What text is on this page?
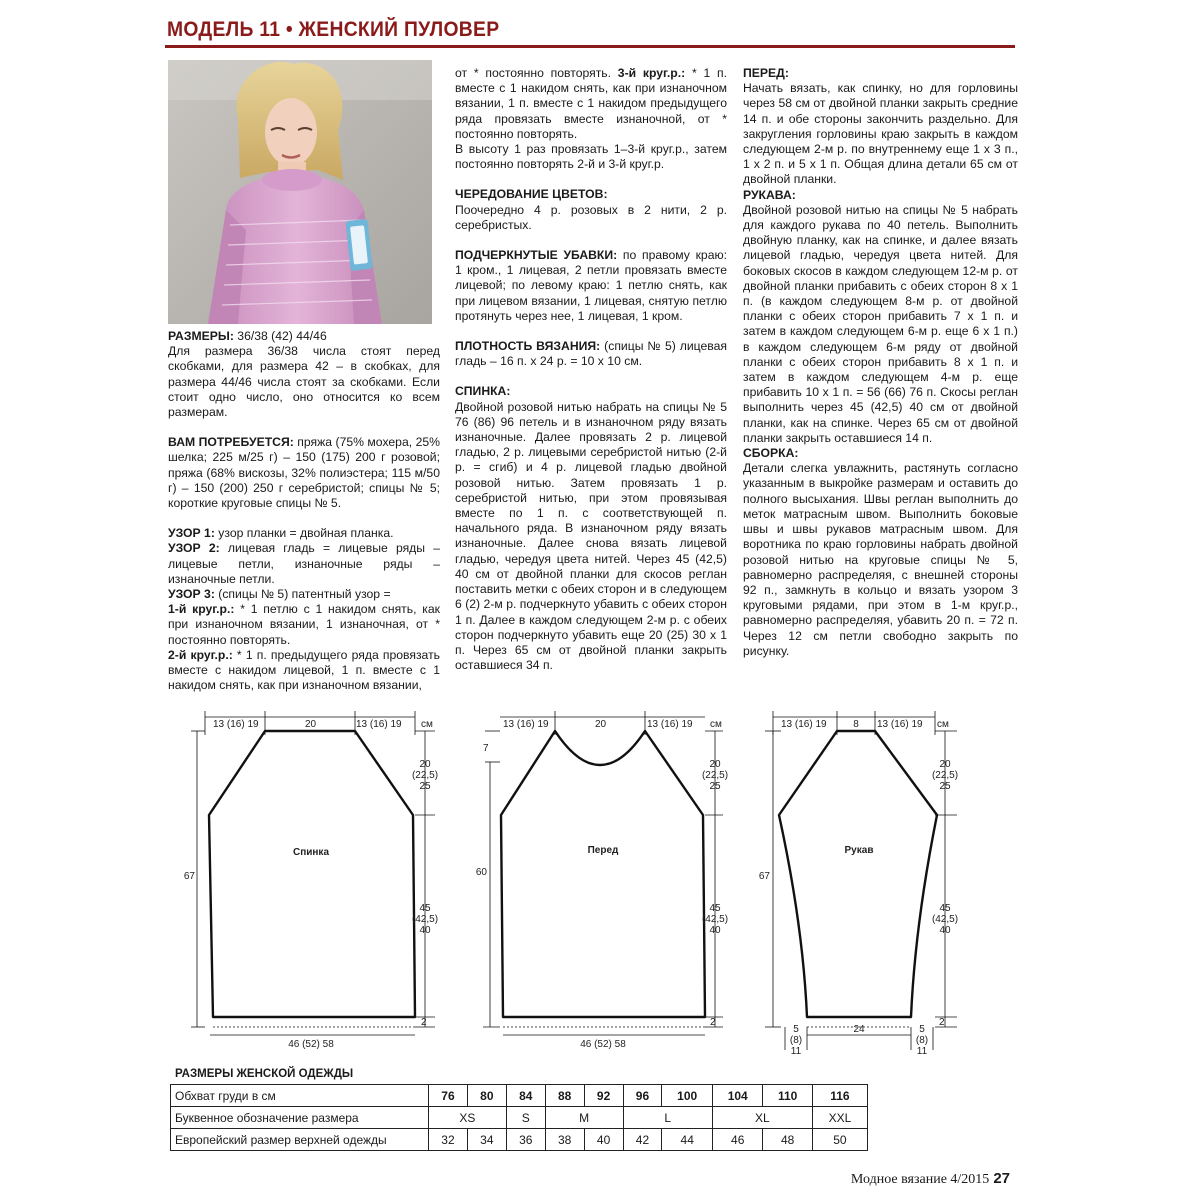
МОДЕЛЬ 11 • ЖЕНСКИЙ ПУЛОВЕР

РАЗМЕРЫ: 36/38 (42) 44/46

Для размера 36/38 числа стоят перед скобками, для размера 42 – в скобках, для размера 44/46 числа стоят за скобками. Если стоит одно число, оно относится ко всем размерам.

ВАМ ПОТРЕБУЕТСЯ: пряжа (75% мохера, 25% шелка; 225 м/25 г) – 150 (175) 200 г розовой; пряжа (68% вискозы, 32% полиэстера; 115 м/50 г) – 150 (200) 250 г серебристой; спицы № 5; короткие круговые спицы № 5.

УЗОР 1: узор планки = двойная планка.

УЗОР 2: лицевая гладь = лицевые ряды – лицевые петли, изнаночные ряды – изнаночные петли.

УЗОР 3: (спицы № 5) патентный узор =

1-й круг.р.: * 1 петлю с 1 накидом снять, как при изнаночном вязании, 1 изнаночная, от * постоянно повторять.

2-й круг.р.: * 1 п. предыдущего ряда провязать вместе с накидом лицевой, 1 п. вместе с 1 накидом снять, как при изнаночном вязании,

от * постоянно повторять. 3-й круг.р.: * 1 п. вместе с 1 накидом снять, как при изнаночном вязании, 1 п. вместе с 1 накидом предыдущего ряда провязать вместе изнаночной, от * постоянно повторять.

В высоту 1 раз провязать 1–3-й круг.р., затем постоянно повторять 2-й и 3-й круг.р.

ЧЕРЕДОВАНИЕ ЦВЕТОВ:

Поочередно 4 р. розовых в 2 нити, 2 р. серебристых.

ПОДЧЕРКНУТЫЕ УБАВКИ: по правому краю: 1 кром., 1 лицевая, 2 петли провязать вместе лицевой; по левому краю: 1 петлю снять, как при лицевом вязании, 1 лицевая, снятую петлю протянуть через нее, 1 лицевая, 1 кром.

ПЛОТНОСТЬ ВЯЗАНИЯ: (спицы № 5) лицевая гладь – 16 п. х 24 р. = 10 х 10 см.

СПИНКА:

Двойной розовой нитью набрать на спицы № 5 76 (86) 96 петель и в изнаночном ряду вязать изнаночные. Далее провязать 2 р. лицевой гладью, 2 р. лицевыми серебристой нитью (2-й р. = сгиб) и 4 р. лицевой гладью двойной розовой нитью. Затем провязать 1 р. серебристой нитью, при этом провязывая вместе по 1 п. с соответствующей п. начального ряда. В изнаночном ряду вязать изнаночные. Далее снова вязать лицевой гладью, чередуя цвета нитей. Через 45 (42,5) 40 см от двойной планки для скосов реглан поставить метки с обеих сторон и в следующем 6 (2) 2-м р. подчеркнуто убавить с обеих сторон 1 п. Далее в каждом следующем 2-м р. с обеих сторон подчеркнуто убавить еще 20 (25) 30 х 1 п. Через 65 см от двойной планки закрыть оставшиеся 34 п.

ПЕРЕД:

Начать вязать, как спинку, но для горловины через 58 см от двойной планки закрыть средние 14 п. и обе стороны закончить раздельно. Для закругления горловины краю закрыть в каждом следующем 2-м р. по внутреннему еще 1 х 3 п., 1 х 2 п. и 5 х 1 п. Общая длина детали 65 см от двойной планки.

РУКАВА:

Двойной розовой нитью на спицы № 5 набрать для каждого рукава по 40 петель. Выполнить двойную планку, как на спинке, и далее вязать лицевой гладью, чередуя цвета нитей. Для боковых скосов в каждом следующем 12-м р. от двойной планки прибавить с обеих сторон 8 х 1 п. (в каждом следующем 8-м р. от двойной планки с обеих сторон прибавить 7 х 1 п. и затем в каждом следующем 6-м р. еще 6 х 1 п.) в каждом следующем 6-м ряду от двойной планки с обеих сторон прибавить 8 х 1 п. и затем в каждом следующем 4-м р. еще прибавить 10 х 1 п. = 56 (66) 76 п. Скосы реглан выполнить через 45 (42,5) 40 см от двойной планки, как на спинке. Через 65 см от двойной планки закрыть оставшиеся 14 п.

СБОРКА:

Детали слегка увлажнить, растянуть согласно указанным в выкройке размерам и оставить до полного высыхания. Швы реглан выполнить до меток матрасным швом. Выполнить боковые швы и швы рукавов матрасным швом. Для воротника по краю горловины набрать двойной розовой нитью на круговые спицы № 5, равномерно распределяя, с внешней стороны 92 п., замкнуть в кольцо и вязать узором 3 круговыми рядами, при этом в 1-м круг.р., равномерно распределяя, убавить 20 п. = 72 п. Через 12 см петли свободно закрыть по рисунку.

13 (16) 19	20	13 (16) 19 см
20
(22,5)
25
45
(42,5)
40
67
2
46 (52) 58
Спинка
13 (16) 19	20	13 (16) 19 см
7
20
(22,5)
25
45
(42,5)
40
60
2
46 (52) 58
Перед
13 (16) 19	8 13 (16) 19 см
20
(22,5)
25
45
(42,5)
40
67
2
24
Рукав
5
(8)
11
5
(8)
11
РАЗМЕРЫ ЖЕНСКОЙ ОДЕЖДЫ
Обхват груди в см	76	80	84	88	92	96	100	104	110	116
Буквенное обозначение размера	XS		S	M		L		XL		XXL
Европейский размер верхней одежды	32	34	36	38	40	42	44	46	48	50
Модное вязание 4/2015 27
